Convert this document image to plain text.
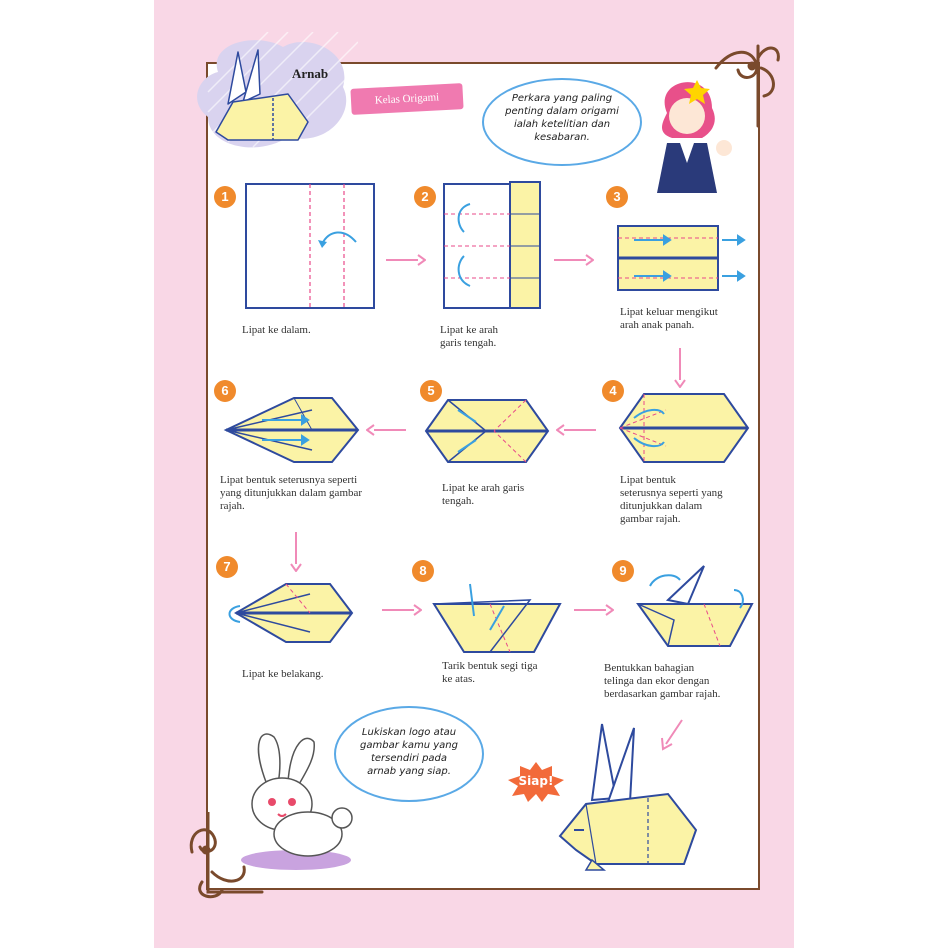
Arnab
Kelas Origami	Perkara yang paling
penting dalam origami
ialah ketelitian dan
kesabaran.
1
Lipat ke dalam.
2
Lipat ke arah
garis tengah.
3
Lipat keluar mengikut
arah anak panah.
4
Lipat bentuk
seterusnya seperti yang
ditunjukkan dalam
gambar rajah.
5
Lipat ke arah garis
tengah.
6
Lipat bentuk seterusnya seperti
yang ditunjukkan dalam gambar
rajah.
7
Lipat ke belakang.
8
Tarik bentuk segi tiga
ke atas.
9
Bentukkan bahagian
telinga dan ekor dengan
berdasarkan gambar rajah.
Lukiskan logo atau
gambar kamu yang
tersendiri pada
arnab yang siap.
Siap!
